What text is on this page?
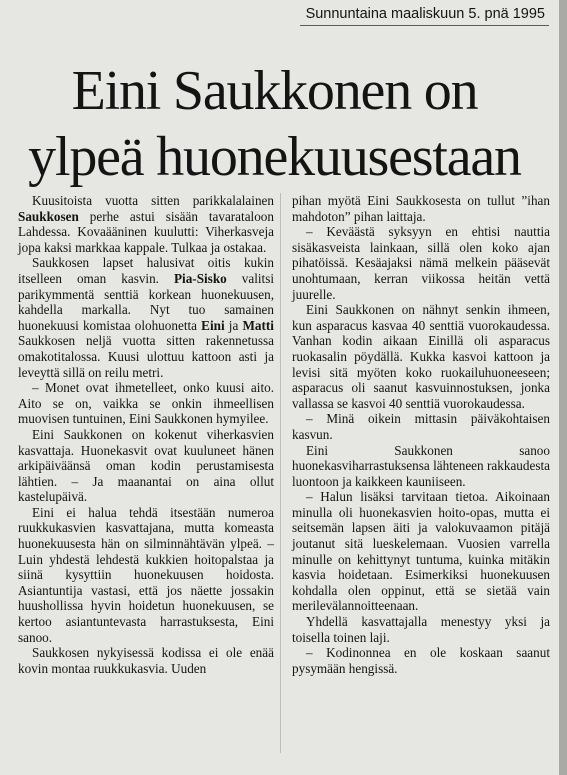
Sunnuntaina maaliskuun 5. pnä 1995
Eini Saukkonen on
ylpeä huonekuusestaan

Kuusitoista vuotta sitten parikkalalainen Saukkosen perhe astui sisään tavarataloon Lahdessa. Kovaääninen kuulutti: Viherkasveja jopa kaksi markkaa kappale. Tulkaa ja ostakaa.

Saukkosen lapset halusivat oitis kukin itselleen oman kasvin. Pia-Sisko valitsi parikymmentä senttiä korkean huonekuusen, kahdella markalla. Nyt tuo samainen huonekuusi komistaa olohuonetta Eini ja Matti Saukkosen neljä vuotta sitten rakennetussa omakotitalossa. Kuusi ulottuu kattoon asti ja leveyttä sillä on reilu metri.

– Monet ovat ihmetelleet, onko kuusi aito. Aito se on, vaikka se onkin ihmeellisen muovisen tuntuinen, Eini Saukkonen hymyilee.

Eini Saukkonen on kokenut viherkasvien kasvattaja. Huonekasvit ovat kuuluneet hänen arkipäiväänsä oman kodin perustamisesta lähtien. – Ja maanantai on aina ollut kastelupäivä.

Eini ei halua tehdä itsestään numeroa ruukkukasvien kasvattajana, mutta komeasta huonekuusesta hän on silminnähtävän ylpeä. – Luin yhdestä lehdestä kukkien hoitopalstaa ja siinä kysyttiin huonekuusen hoidosta. Asiantuntija vastasi, että jos näette jossakin huushollissa hyvin hoidetun huonekuusen, se kertoo asiantuntevasta harrastuksesta, Eini sanoo.

Saukkosen nykyisessä kodissa ei ole enää kovin montaa ruukkukasvia. Uuden

pihan myötä Eini Saukkosesta on tullut ”ihan mahdoton” pihan laittaja.

– Keväästä syksyyn en ehtisi nauttia sisäkasveista lainkaan, sillä olen koko ajan pihatöissä. Kesäajaksi nämä melkein pääsevät unohtumaan, kerran viikossa heitän vettä juurelle.

Eini Saukkonen on nähnyt senkin ihmeen, kun asparacus kasvaa 40 senttiä vuorokaudessa. Vanhan kodin aikaan Einillä oli asparacus ruokasalin pöydällä. Kukka kasvoi kattoon ja levisi sitä myöten koko ruokailuhuoneeseen; asparacus oli saanut kasvuinnostuksen, jonka vallassa se kasvoi 40 senttiä vuorokaudessa.

– Minä oikein mittasin päiväkohtaisen kasvun.

Eini Saukkonen sanoo huonekasviharrastuksensa lähteneen rakkaudesta luontoon ja kaikkeen kauniiseen.

– Halun lisäksi tarvitaan tietoa. Aikoinaan minulla oli huonekasvien hoito-opas, mutta ei seitsemän lapsen äiti ja valokuvaamon pitäjä joutanut sitä lueskelemaan. Vuosien varrella minulle on kehittynyt tuntuma, kuinka mitäkin kasvia hoidetaan. Esimerkiksi huonekuusen kohdalla olen oppinut, että se sietää vain merilevälannoitteenaan.

Yhdellä kasvattajalla menestyy yksi ja toisella toinen laji.

– Kodinonnea en ole koskaan saanut pysymään hengissä.
